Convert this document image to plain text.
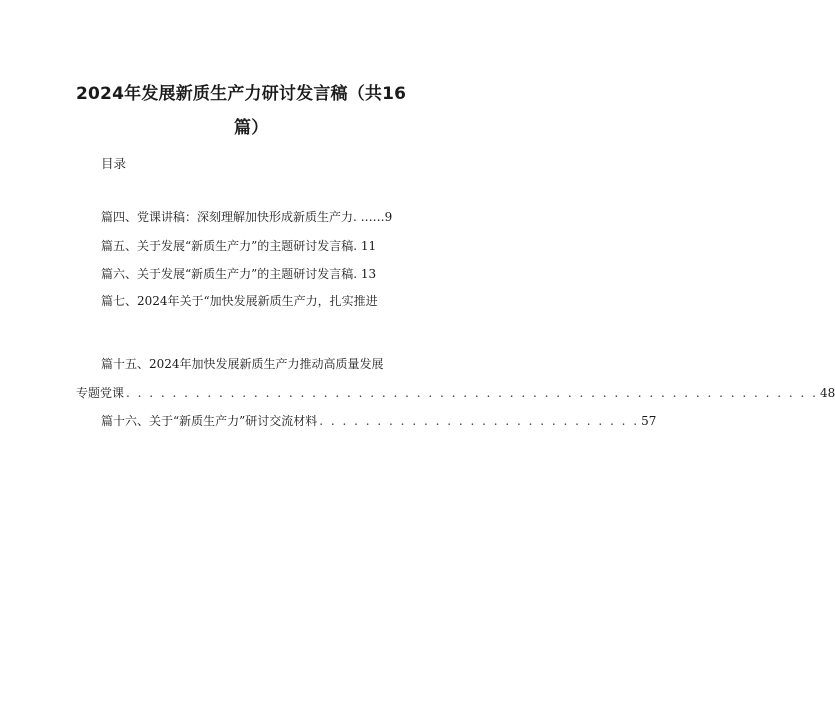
2024年发展新质生产力研讨发言稿（共16
篇）
目录
篇四、党课讲稿：深刻理解加快形成新质生产力. ……9
篇五、关于发展“新质生产力”的主题研讨发言稿. 11
篇六、关于发展“新质生产力”的主题研讨发言稿. 13
篇七、2024年关于“加快发展新质生产力，扎实推进
篇十五、2024年加快发展新质生产力推动高质量发展
专题党课 . . . . . . . . . . . . . . . . . . . . . . . . . . . . . . . . . . . . . . . . . . . . . . . . . . . . . . . . . . . . 48
篇十六、关于“新质生产力”研讨交流材料 . . . . . . . . . . . . . . . . . . . . . . . . . . . . 57
